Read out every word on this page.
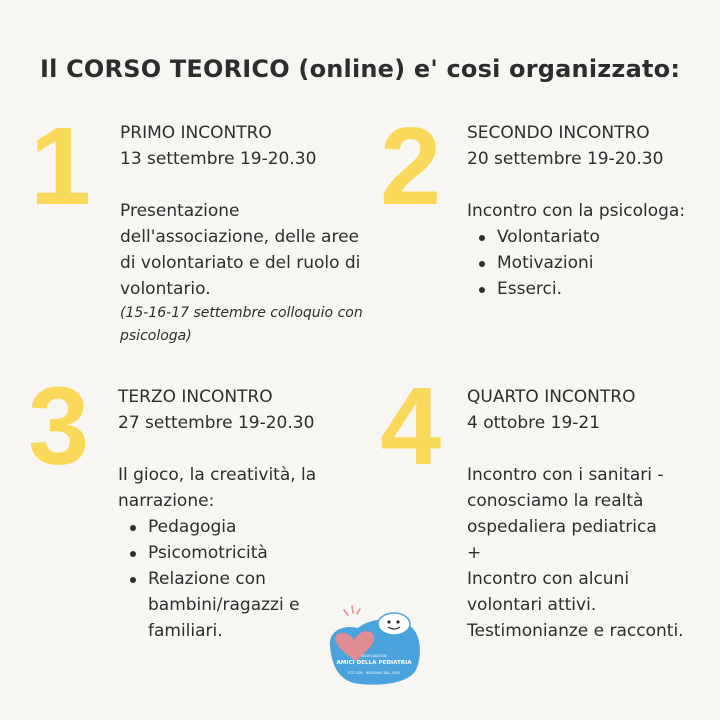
Il CORSO TEORICO (online) e' cosi organizzato:
1 PRIMO INCONTRO
13 settembre 19-20.30
Presentazione
dell'associazione, delle aree
di volontariato e del ruolo di
volontario.
(15-16-17 settembre colloquio con
psicologa)
2 SECONDO INCONTRO
20 settembre 19-20.30
Incontro con la psicologa:
Volontariato
Motivazioni
Esserci.
3 TERZO INCONTRO
27 settembre 19-20.30
Il gioco, la creatività, la
narrazione:
Pedagogia
Psicomotricità
Relazione con
bambini/ragazzi e
familiari.
4 QUARTO INCONTRO
4 ottobre 19-21
Incontro con i sanitari -
conosciamo la realtà
ospedaliera pediatrica
+
Incontro con alcuni
volontari attivi.
Testimonianze e racconti.
ASSOCIAZIONE
AMICI DELLA PEDIATRIA
ETS ODV · BERGAMO DAL 1995
